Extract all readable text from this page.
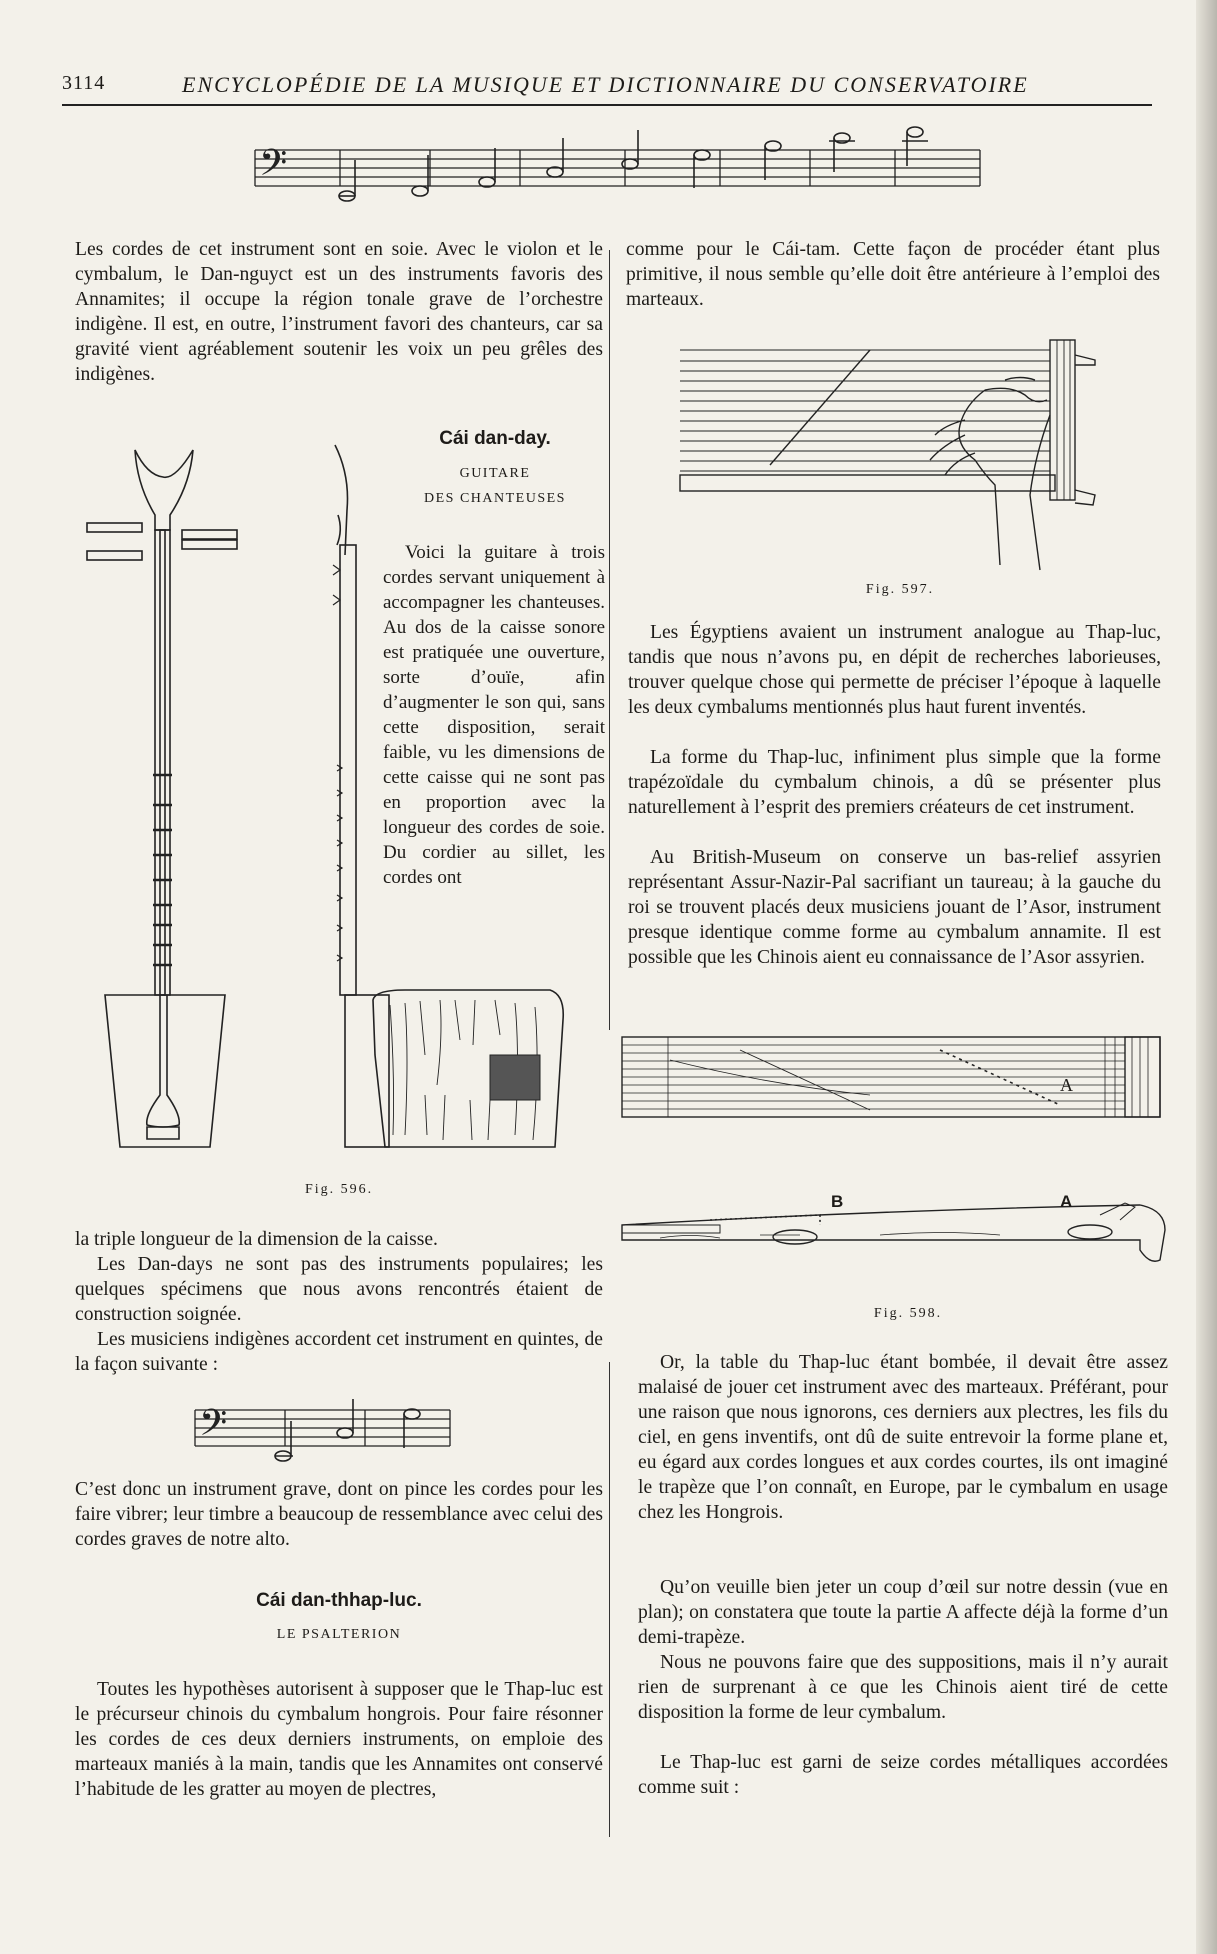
3114	ENCYCLOPÉDIE DE LA MUSIQUE ET DICTIONNAIRE DU CONSERVATOIRE
𝄢

Les cordes de cet instrument sont en soie. Avec le violon et le cymbalum, le Dan-nguyct est un des instruments favoris des Annamites; il occupe la région tonale grave de l’orchestre indigène. Il est, en outre, l’instrument favori des chanteurs, car sa gravité vient agréablement soutenir les voix un peu grêles des indigènes.

Cái dan-day.
GUITARE
DES CHANTEUSES

Voici la guitare à trois cordes servant uniquement à accompagner les chanteuses. Au dos de la caisse sonore est pratiquée une ouverture, sorte d’ouïe, afin d’augmenter le son qui, sans cette disposition, serait faible, vu les dimensions de cette caisse qui ne sont pas en proportion avec la longueur des cordes de soie. Du cordier au sillet, les cordes ont

Fig. 596.

la triple longueur de la dimension de la caisse.

Les Dan-days ne sont pas des instruments populaires; les quelques spécimens que nous avons rencontrés étaient de construction soignée.

Les musiciens indigènes accordent cet instrument en quintes, de la façon suivante :

𝄢

C’est donc un instrument grave, dont on pince les cordes pour les faire vibrer; leur timbre a beaucoup de ressemblance avec celui des cordes graves de notre alto.

Cái dan-thhap-luc.
LE PSALTERION

Toutes les hypothèses autorisent à supposer que le Thap-luc est le précurseur chinois du cymbalum hongrois. Pour faire résonner les cordes de ces deux derniers instruments, on emploie des marteaux maniés à la main, tandis que les Annamites ont conservé l’habitude de les gratter au moyen de plectres,

comme pour le Cái-tam. Cette façon de procéder étant plus primitive, il nous semble qu’elle doit être antérieure à l’emploi des marteaux.

Fig. 597.

Les Égyptiens avaient un instrument analogue au Thap-luc, tandis que nous n’avons pu, en dépit de recherches laborieuses, trouver quelque chose qui permette de préciser l’époque à laquelle les deux cymbalums mentionnés plus haut furent inventés.

La forme du Thap-luc, infiniment plus simple que la forme trapézoïdale du cymbalum chinois, a dû se présenter plus naturellement à l’esprit des premiers créateurs de cet instrument.

Au British-Museum on conserve un bas-relief assyrien représentant Assur-Nazir-Pal sacrifiant un taureau; à la gauche du roi se trouvent placés deux musiciens jouant de l’Asor, instrument presque identique comme forme au cymbalum annamite. Il est possible que les Chinois aient eu connaissance de l’Asor assyrien.

A
B	A
Fig. 598.

Or, la table du Thap-luc étant bombée, il devait être assez malaisé de jouer cet instrument avec des marteaux. Préférant, pour une raison que nous ignorons, ces derniers aux plectres, les fils du ciel, en gens inventifs, ont dû de suite entrevoir la forme plane et, eu égard aux cordes longues et aux cordes courtes, ils ont imaginé le trapèze que l’on connaît, en Europe, par le cymbalum en usage chez les Hongrois.

Qu’on veuille bien jeter un coup d’œil sur notre dessin (vue en plan); on constatera que toute la partie A affecte déjà la forme d’un demi-trapèze.

Nous ne pouvons faire que des suppositions, mais il n’y aurait rien de surprenant à ce que les Chinois aient tiré de cette disposition la forme de leur cymbalum.

Le Thap-luc est garni de seize cordes métalliques accordées comme suit :
